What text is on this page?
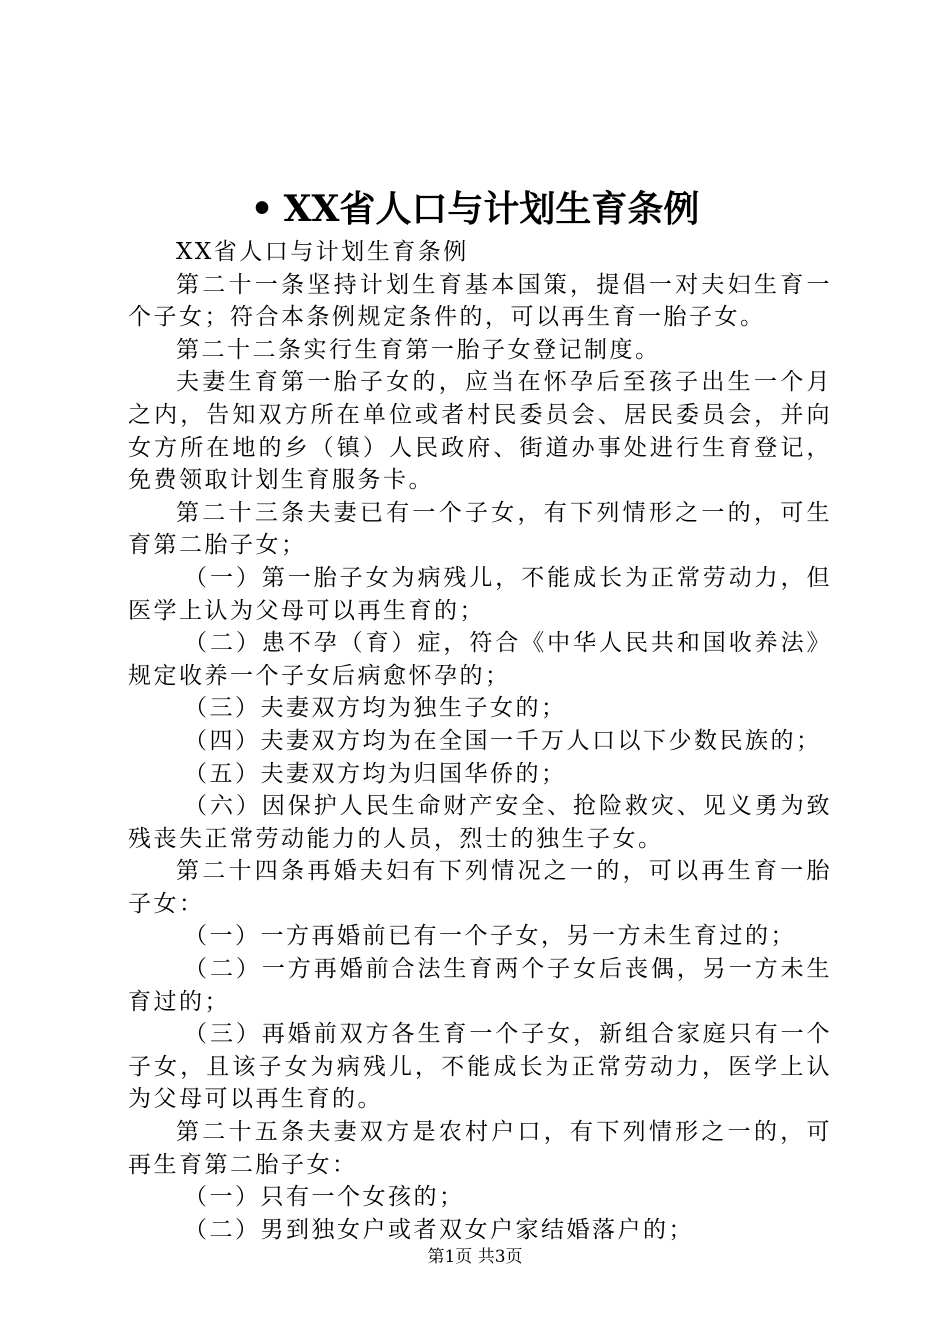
• XX省人口与计划生育条例

XX省人口与计划生育条例

第二十一条坚持计划生育基本国策，提倡一对夫妇生育一个子女；符合本条例规定条件的，可以再生育一胎子女。

第二十二条实行生育第一胎子女登记制度。

夫妻生育第一胎子女的，应当在怀孕后至孩子出生一个月之内，告知双方所在单位或者村民委员会、居民委员会，并向女方所在地的乡（镇）人民政府、街道办事处进行生育登记，免费领取计划生育服务卡。

第二十三条夫妻已有一个子女，有下列情形之一的，可生育第二胎子女；

（一）第一胎子女为病残儿，不能成长为正常劳动力，但医学上认为父母可以再生育的；

（二）患不孕（育）症，符合《中华人民共和国收养法》规定收养一个子女后病愈怀孕的；

（三）夫妻双方均为独生子女的；

（四）夫妻双方均为在全国一千万人口以下少数民族的；

（五）夫妻双方均为归国华侨的；

（六）因保护人民生命财产安全、抢险救灾、见义勇为致残丧失正常劳动能力的人员，烈士的独生子女。

第二十四条再婚夫妇有下列情况之一的，可以再生育一胎子女：

（一）一方再婚前已有一个子女，另一方未生育过的；

（二）一方再婚前合法生育两个子女后丧偶，另一方未生育过的；

（三）再婚前双方各生育一个子女，新组合家庭只有一个子女，且该子女为病残儿，不能成长为正常劳动力，医学上认为父母可以再生育的。

第二十五条夫妻双方是农村户口，有下列情形之一的，可再生育第二胎子女：

（一）只有一个女孩的；

（二）男到独女户或者双女户家结婚落户的；

第1页 共3页
